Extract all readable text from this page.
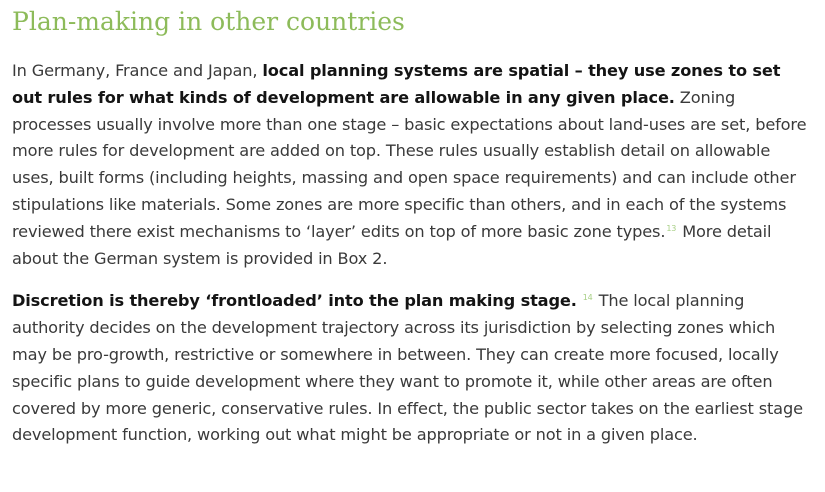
Plan-making in other countries

In Germany, France and Japan, local planning systems are spatial – they use zones to set out rules for what kinds of development are allowable in any given place. Zoning processes usually involve more than one stage – basic expectations about land-uses are set, before more rules for development are added on top. These rules usually establish detail on allowable uses, built forms (including heights, massing and open space requirements) and can include other stipulations like materials. Some zones are more specific than others, and in each of the systems reviewed there exist mechanisms to ‘layer’ edits on top of more basic zone types.$^{13}$ More detail about the German system is provided in Box 2.

Discretion is thereby ‘frontloaded’ into the plan making stage. $^{14}$ The local planning authority decides on the development trajectory across its jurisdiction by selecting zones which may be pro-growth, restrictive or somewhere in between. They can create more focused, locally specific plans to guide development where they want to promote it, while other areas are often covered by more generic, conservative rules. In effect, the public sector takes on the earliest stage development function, working out what might be appropriate or not in a given place.
